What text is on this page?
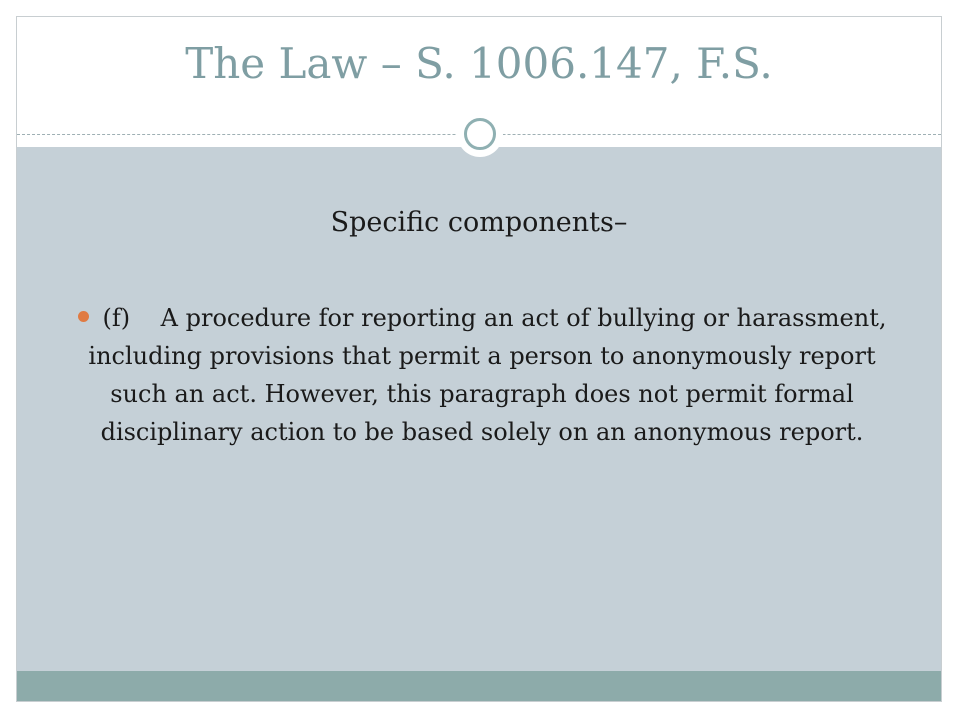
The Law – S. 1006.147, F.S.
Specific components–
(f) A procedure for reporting an act of bullying or harassment, including provisions that permit a person to anonymously report such an act. However, this paragraph does not permit formal disciplinary action to be based solely on an anonymous report.
